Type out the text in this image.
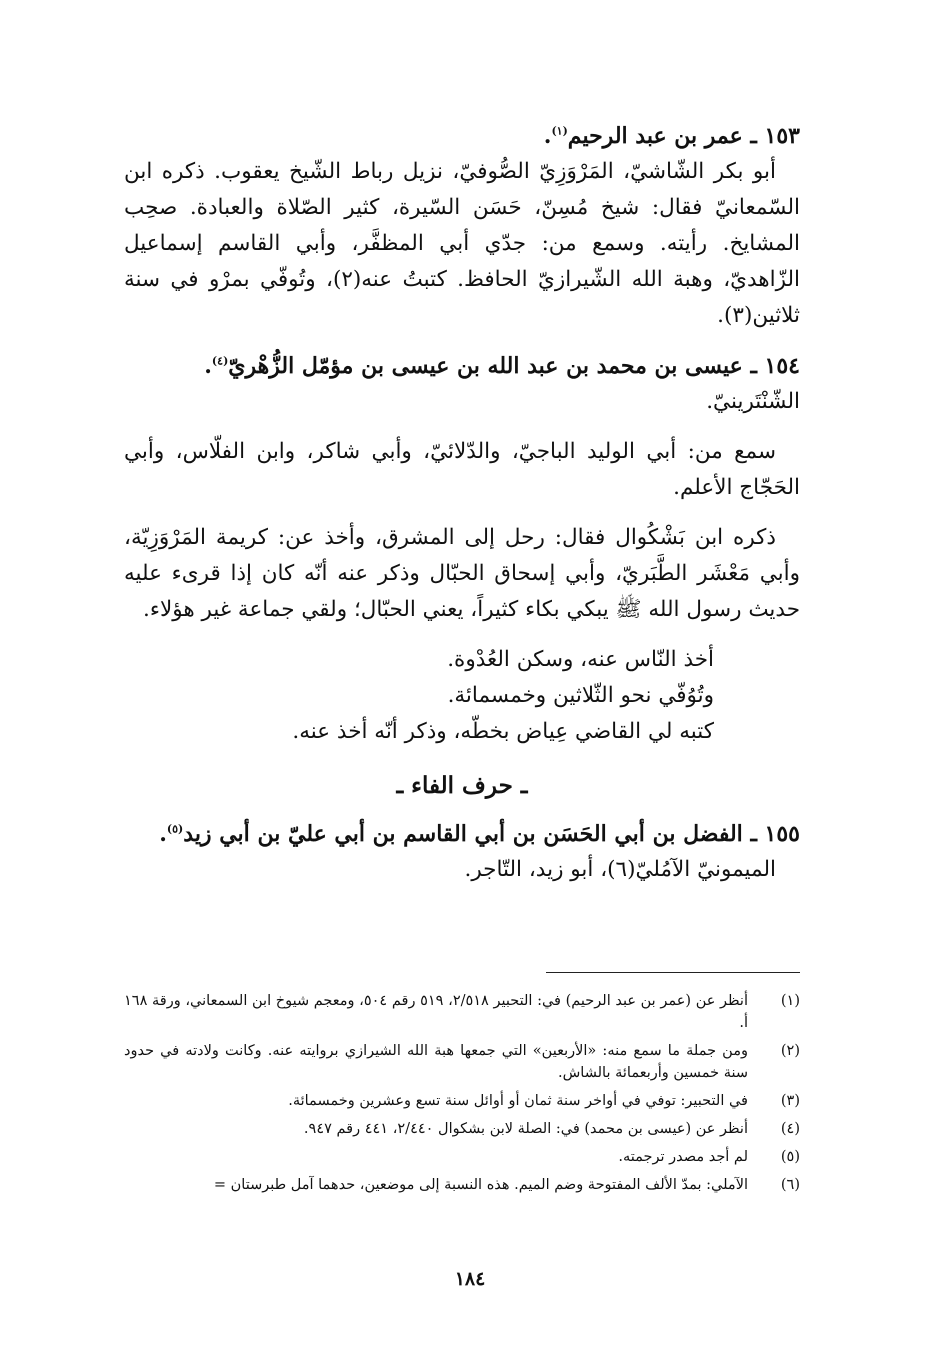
١٥٣ ـ عمر بن عبد الرحيم$^{(١)}$.

أبو بكر الشّاشيّ، المَرْوَزِيّ الصُّوفيّ، نزيل رباط الشّيخ يعقوب. ذكره ابن السّمعانيّ فقال: شيخ مُسِنّ، حَسَن السّيرة، كثير الصّلاة والعبادة. صحِب المشايخ. رأيته. وسمع من: جدّي أبي المظفَّر، وأبي القاسم إسماعيل الزّاهديّ، وهبة الله الشّيرازيّ الحافظ. كتبتُ عنه(٢)، وتُوفّي بمرْو في سنة ثلاثين(٣).

١٥٤ ـ عيسى بن محمد بن عبد الله بن عيسى بن مؤمّل الزُّهْريّ$^{(٤)}$.

الشّنْتَرينيّ.

سمع من: أبي الوليد الباجيّ، والدّلائيّ، وأبي شاكر، وابن الفلّاس، وأبي الحَجّاج الأعلم.

ذكره ابن بَشْكُوال فقال: رحل إلى المشرق، وأخذ عن: كريمة المَرْوَزِيّة، وأبي مَعْشَر الطَّبَريّ، وأبي إسحاق الحبّال وذكر عنه أنّه كان إذا قرىء عليه حديث رسول الله ﷺ يبكي بكاء كثيراً، يعني الحبّال؛ ولقي جماعة غير هؤلاء.

أخذ النّاس عنه، وسكن العُدْوة.

وتُوُفّي نحو الثّلاثين وخمسمائة.

كتبه لي القاضي عِياض بخطّه، وذكر أنّه أخذ عنه.

ـ حرف الفاء ـ

١٥٥ ـ الفضل بن أبي الحَسَن بن أبي القاسم بن أبي عليّ بن أبي زيد$^{(٥)}$.

الميمونيّ الآمُليّ(٦)، أبو زيد، التّاجر.

(١)
أنظر عن (عمر بن عبد الرحيم) في: التحبير ٢/٥١٨، ٥١٩ رقم ٥٠٤، ومعجم شيوخ ابن السمعاني، ورقة ١٦٨ أ.
(٢)
ومن جملة ما سمع منه: «الأربعين» التي جمعها هبة الله الشيرازي بروايته عنه. وكانت ولادته في حدود سنة خمسين وأربعمائة بالشاش.
(٣)
في التحبير: توفي في أواخر سنة ثمان أو أوائل سنة تسع وعشرين وخمسمائة.
(٤)
أنظر عن (عيسى بن محمد) في: الصلة لابن بشكوال ٢/٤٤٠، ٤٤١ رقم ٩٤٧.
(٥)
لم أجد مصدر ترجمته.
(٦)
الآملي: بمدّ الألف المفتوحة وضم الميم. هذه النسبة إلى موضعين، حدهما آمل طبرستان =
١٨٤
